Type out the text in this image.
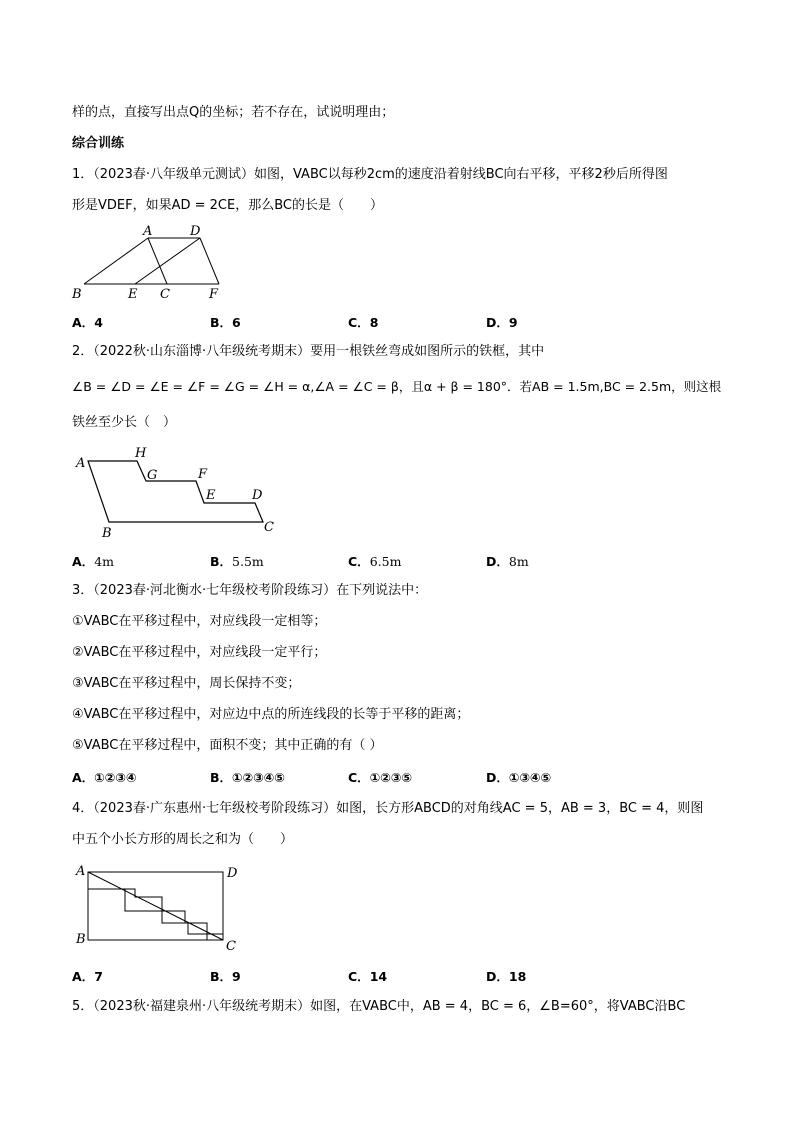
样的点，直接写出点Q的坐标；若不存在，试说明理由；
综合训练
1．（2023春·八年级单元测试）如图，VABC以每秒2cm的速度沿着射线BC向右平移，平移2秒后所得图
形是VDEF，如果AD = 2CE，那么BC的长是（　　）
A	D
B	E C	F
A．4	B．6	C．8	D．9
2．（2022秋·山东淄博·八年级统考期末）要用一根铁丝弯成如图所示的铁框，其中
∠B = ∠D = ∠E = ∠F = ∠G = ∠H = α,∠A = ∠C = β，且α + β = 180°．若AB = 1.5m,BC = 2.5m，则这根
铁丝至少长（　）
A
H
G	F
E	D
B	C
A．4m	B．5.5m	C．6.5m	D．8m
3．（2023春·河北衡水·七年级校考阶段练习）在下列说法中：
①VABC在平移过程中，对应线段一定相等；
②VABC在平移过程中，对应线段一定平行；
③VABC在平移过程中，周长保持不变；
④VABC在平移过程中，对应边中点的所连线段的长等于平移的距离；
⑤VABC在平移过程中，面积不变；其中正确的有（ ）
A．①②③④	B．①②③④⑤	C．①②③⑤	D．①③④⑤
4．（2023春·广东惠州·七年级校考阶段练习）如图，长方形ABCD的对角线AC = 5，AB = 3，BC = 4，则图
中五个小长方形的周长之和为（　　）
A	D
B	C
A．7	B．9	C．14	D．18
5．（2023秋·福建泉州·八年级统考期末）如图，在VABC中，AB = 4，BC = 6，∠B=60°，将VABC沿BC
